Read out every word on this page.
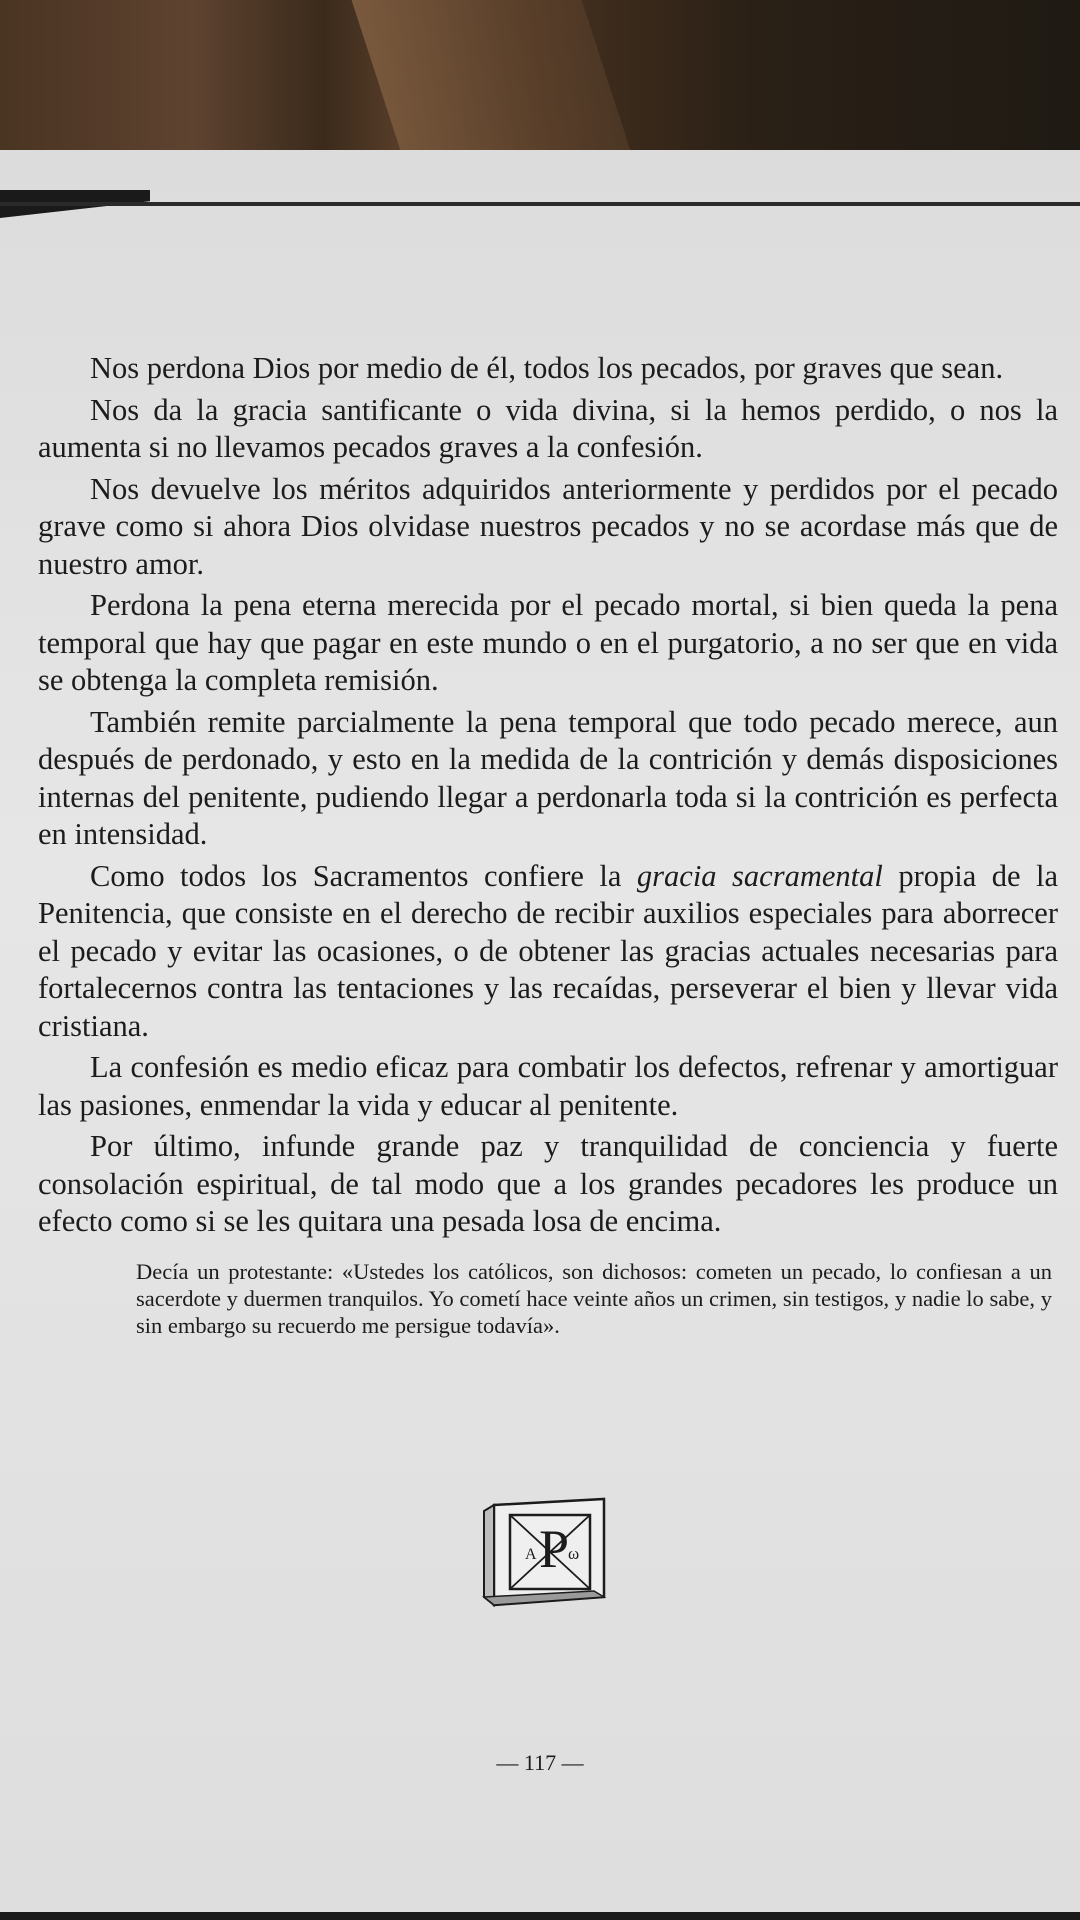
Nos perdona Dios por medio de él, todos los pecados, por graves que sean.

Nos da la gracia santificante o vida divina, si la hemos perdido, o nos la aumenta si no llevamos pecados graves a la confesión.

Nos devuelve los méritos adquiridos anteriormente y perdidos por el pecado grave como si ahora Dios olvidase nuestros pecados y no se acordase más que de nuestro amor.

Perdona la pena eterna merecida por el pecado mortal, si bien queda la pena temporal que hay que pagar en este mundo o en el purgatorio, a no ser que en vida se obtenga la completa remisión.

También remite parcialmente la pena temporal que todo pecado merece, aun después de perdonado, y esto en la medida de la contrición y demás disposiciones internas del penitente, pudiendo llegar a perdonarla toda si la contrición es perfecta en intensidad.

Como todos los Sacramentos confiere la gracia sacramental propia de la Penitencia, que consiste en el derecho de recibir auxilios especiales para aborrecer el pecado y evitar las ocasiones, o de obtener las gracias actuales necesarias para fortalecernos contra las tentaciones y las recaídas, perseverar el bien y llevar vida cristiana.

La confesión es medio eficaz para combatir los defectos, refrenar y amortiguar las pasiones, enmendar la vida y educar al penitente.

Por último, infunde grande paz y tranquilidad de conciencia y fuerte consolación espiritual, de tal modo que a los grandes pecadores les produce un efecto como si se les quitara una pesada losa de encima.

Decía un protestante: «Ustedes los católicos, son dichosos: cometen un pecado, lo confiesan a un sacerdote y duermen tranquilos. Yo cometí hace veinte años un crimen, sin testigos, y nadie lo sabe, y sin embargo su recuerdo me persigue todavía».

A P
ω
— 117 —
